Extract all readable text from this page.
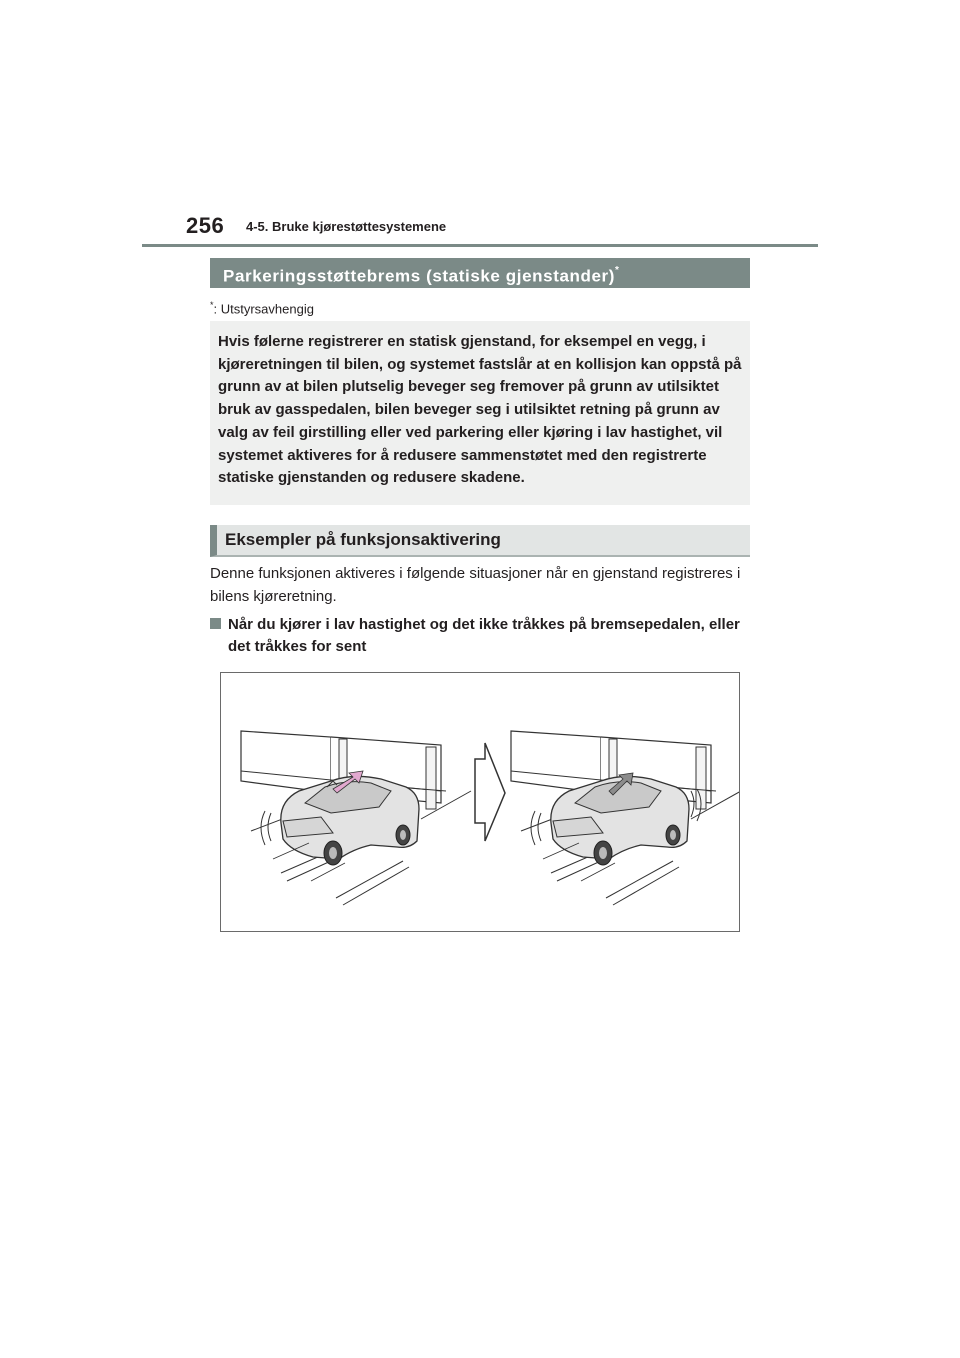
256 4-5. Bruke kjørestøttesystemene
Parkeringsstøttebrems (statiske gjenstander)*
*: Utstyrsavhengig

Hvis følerne registrerer en statisk gjenstand, for eksempel en vegg, i kjøreretningen til bilen, og systemet fastslår at en kollisjon kan oppstå på grunn av at bilen plutselig beveger seg fremover på grunn av utilsiktet bruk av gasspedalen, bilen beveger seg i utilsiktet retning på grunn av valg av feil girstilling eller ved parkering eller kjøring i lav hastighet, vil systemet aktiveres for å redusere sammenstøtet med den registrerte statiske gjenstanden og redusere skadene.

Eksempler på funksjonsaktivering

Denne funksjonen aktiveres i følgende situasjoner når en gjenstand registreres i bilens kjøreretning.

Når du kjører i lav hastighet og det ikke tråkkes på bremsepedalen, eller det tråkkes for sent
